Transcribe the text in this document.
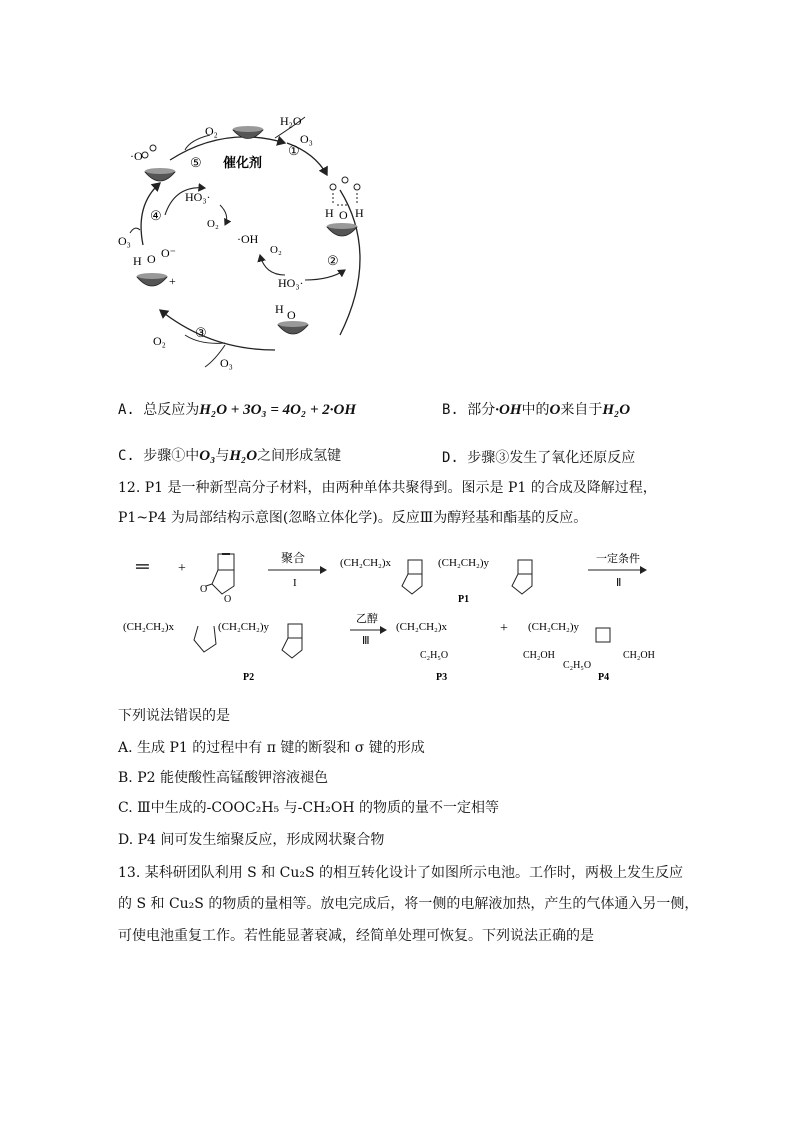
催化剂
①
②
③
④
⑤
H₂O
O₃
O₂
·O
HO₃·
O₂
·OH
O₂
HO₃·
O₃
O₂
O₃
H O O⁻
+
H O H
H O
A. 总反应为H₂O + 3O₃ = 4O₂ + 2·OH	B. 部分·OH中的O来自于H₂O
C. 步骤①中O₃与H₂O之间形成氢键	D. 步骤③发生了氧化还原反应
12. P1 是一种新型高分子材料，由两种单体共聚得到。图示是 P1 的合成及降解过程，
P1~P4 为局部结构示意图(忽略立体化学)。反应Ⅲ为醇羟基和酯基的反应。
═ +
O
O
聚合
I
(CH₂CH₂)x	(CH₂CH₂)y
P1
一定条件
Ⅱ
(CH₂CH₂)x	(CH₂CH₂)y
P2
乙醇
Ⅲ
(CH₂CH₂)x
C₂H₅O
P3
+ (CH₂CH₂)y
CH₂OH	CH₂OH
C₂H₅O
P4
下列说法错误的是
A. 生成 P1 的过程中有 π 键的断裂和 σ 键的形成
B. P2 能使酸性高锰酸钾溶液褪色
C. Ⅲ中生成的-COOC₂H₅ 与-CH₂OH 的物质的量不一定相等
D. P4 间可发生缩聚反应，形成网状聚合物
13. 某科研团队利用 S 和 Cu₂S 的相互转化设计了如图所示电池。工作时，两极上发生反应
的 S 和 Cu₂S 的物质的量相等。放电完成后，将一侧的电解液加热，产生的气体通入另一侧，
可使电池重复工作。若性能显著衰减，经简单处理可恢复。下列说法正确的是
